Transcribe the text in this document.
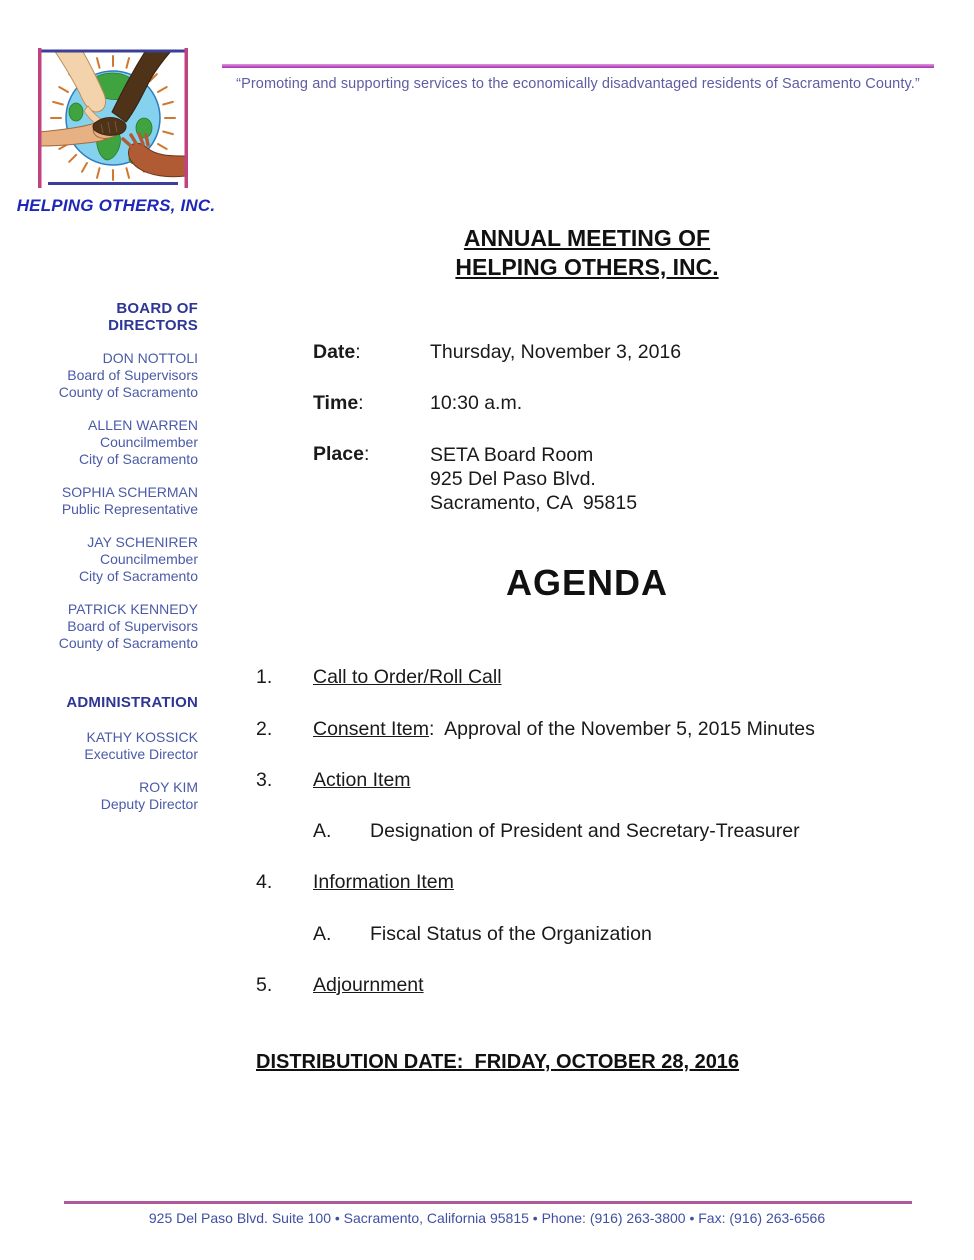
HELPING OTHERS, INC.
“Promoting and supporting services to the economically disadvantaged residents of Sacramento County.”
BOARD OF DIRECTORS
DON NOTTOLI
Board of Supervisors
County of Sacramento
ALLEN WARREN
Councilmember
City of Sacramento
SOPHIA SCHERMAN
Public Representative
JAY SCHENIRER
Councilmember
City of Sacramento
PATRICK KENNEDY
Board of Supervisors
County of Sacramento
ADMINISTRATION
KATHY KOSSICK
Executive Director
ROY KIM
Deputy Director
ANNUAL MEETING OF
HELPING OTHERS, INC.
Date:	Thursday, November 3, 2016
Time:	10:30 a.m.
Place:	SETA Board Room
925 Del Paso Blvd.
Sacramento, CA  95815
AGENDA
1. Call to Order/Roll Call
2. Consent Item:  Approval of the November 5, 2015 Minutes
3. Action Item
A. Designation of President and Secretary-Treasurer
4. Information Item
A. Fiscal Status of the Organization
5. Adjournment
DISTRIBUTION DATE:  FRIDAY, OCTOBER 28, 2016
925 Del Paso Blvd. Suite 100 • Sacramento, California 95815 • Phone: (916) 263-3800 • Fax: (916) 263-6566
